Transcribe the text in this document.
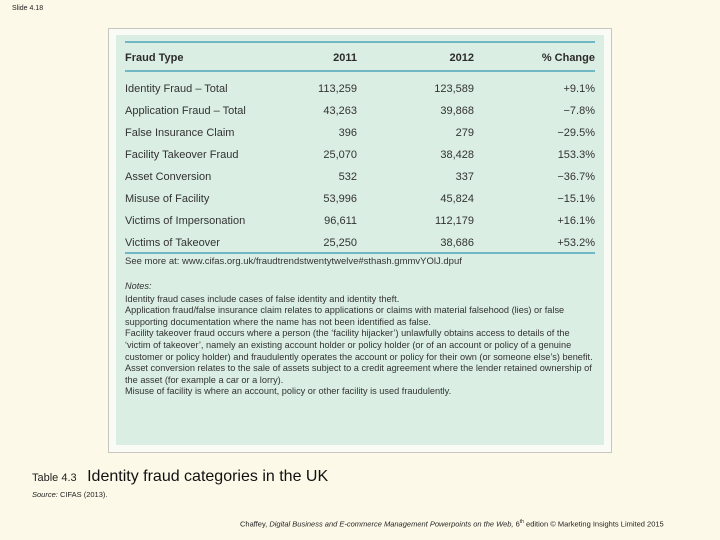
Slide 4.18
Fraud Type	2011	2012	% Change
Identity Fraud – Total	113,259	123,589	+9.1%
Application Fraud – Total	43,263	39,868	−7.8%
False Insurance Claim	396	279	−29.5%
Facility Takeover Fraud	25,070	38,428	153.3%
Asset Conversion	532	337	−36.7%
Misuse of Facility	53,996	45,824	−15.1%
Victims of Impersonation	96,611	112,179	+16.1%
Victims of Takeover	25,250	38,686	+53.2%
See more at: www.cifas.org.uk/fraudtrendstwentytwelve#sthash.gmmvYOlJ.dpuf
Notes:
Identity fraud cases include cases of false identity and identity theft.
Application fraud/false insurance claim relates to applications or claims with material falsehood (lies) or false supporting documentation where the name has not been identified as false.
Facility takeover fraud occurs where a person (the ‘facility hijacker’) unlawfully obtains access to details of the ‘victim of takeover’, namely an existing account holder or policy holder (or of an account or policy of a genuine customer or policy holder) and fraudulently operates the account or policy for their own (or someone else’s) benefit.
Asset conversion relates to the sale of assets subject to a credit agreement where the lender retained ownership of the asset (for example a car or a lorry).
Misuse of facility is where an account, policy or other facility is used fraudulently.
Table 4.3 Identity fraud categories in the UK
Source: CIFAS (2013).
Chaffey, Digital Business and E-commerce Management Powerpoints on the Web, 6th edition © Marketing Insights Limited 2015
